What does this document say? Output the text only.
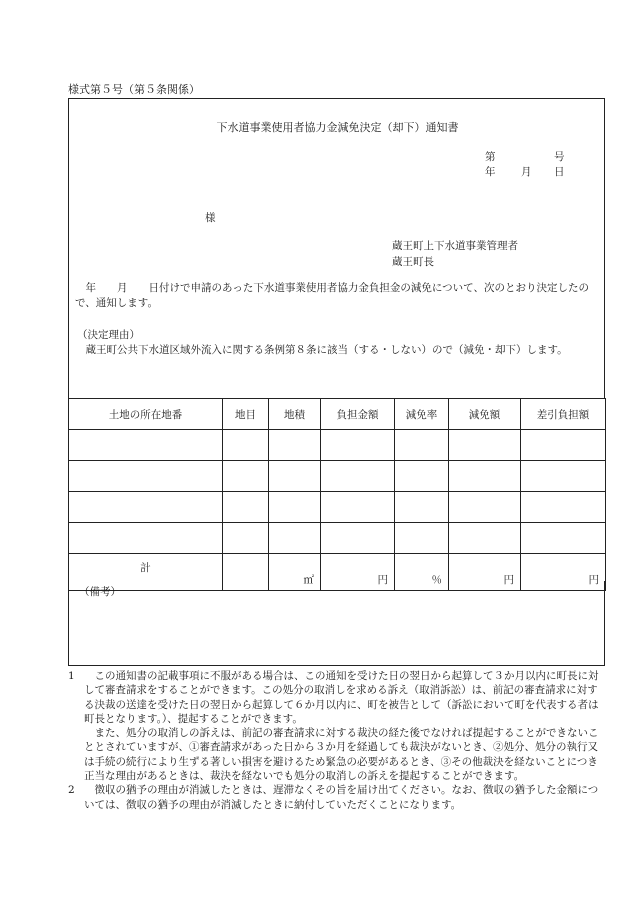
様式第５号（第５条関係）
下水道事業使用者協力金減免決定（却下）通知書
第	号
年 月 日
様
蔵王町上下水道事業管理者
蔵王町長
　年　　月　　日付けで申請のあった下水道事業使用者協力金負担金の減免について、次のとおり決定したので、通知します。
（決定理由）
　蔵王町公共下水道区域外流入に関する条例第８条に該当（する・しない）ので（減免・却下）します。
土地の所在地番	地目	地積	負担金額	減免率	減免額	差引負担額

計		㎡	円	％	円	円
（備考）
1 　この通知書の記載事項に不服がある場合は、この通知を受けた日の翌日から起算して３か月以内に町長に対して審査請求をすることができます。この処分の取消しを求める訴え（取消訴訟）は、前記の審査請求に対する決裁の送達を受けた日の翌日から起算して６か月以内に、町を被告として（訴訟において町を代表する者は町長となります。）、提起することができます。

　また、処分の取消しの訴えは、前記の審査請求に対する裁決の経た後でなければ提起することができないこととされていますが、①審査請求があった日から３か月を経過しても裁決がないとき、②処分、処分の執行又は手続の続行により生ずる著しい損害を避けるため緊急の必要があるとき、③その他裁決を経ないことにつき正当な理由があるときは、裁決を経ないでも処分の取消しの訴えを提起することができます。

2 　徴収の猶予の理由が消滅したときは、遅滞なくその旨を届け出てください。なお、徴収の猶予した金額については、徴収の猶予の理由が消滅したときに納付していただくことになります。
